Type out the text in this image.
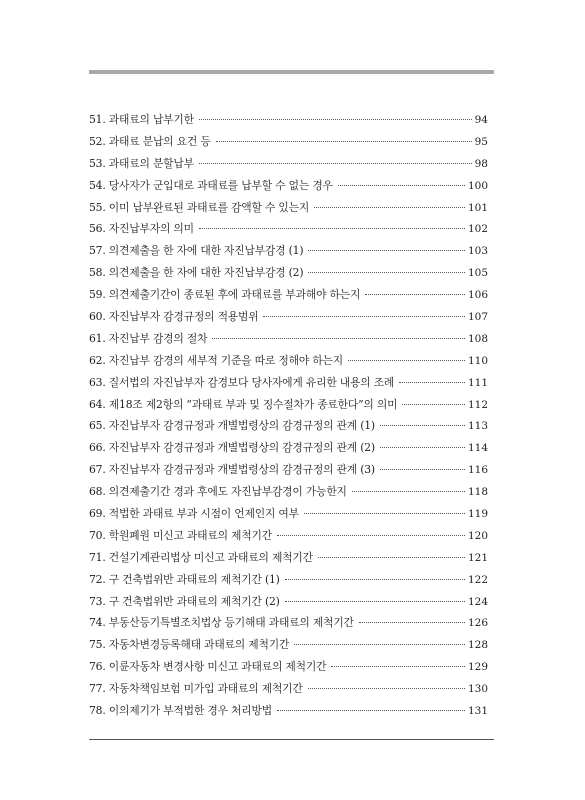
51. 과태료의 납부기한	94
52. 과태료 분납의 요건 등	95
53. 과태료의 분할납부	98
54. 당사자가 군입대로 과태료를 납부할 수 없는 경우	100
55. 이미 납부완료된 과태료를 감액할 수 있는지	101
56. 자진납부자의 의미	102
57. 의견제출을 한 자에 대한 자진납부감경 (1)	103
58. 의견제출을 한 자에 대한 자진납부감경 (2)	105
59. 의견제출기간이 종료된 후에 과태료를 부과해야 하는지	106
60. 자진납부자 감경규정의 적용범위	107
61. 자진납부 감경의 절차	108
62. 자진납부 감경의 세부적 기준을 따로 정해야 하는지	110
63. 질서법의 자진납부자 감경보다 당사자에게 유리한 내용의 조례	111
64. 제18조 제2항의 “과태료 부과 및 징수절차가 종료한다”의 의미	112
65. 자진납부자 감경규정과 개별법령상의 감경규정의 관계 (1)	113
66. 자진납부자 감경규정과 개별법령상의 감경규정의 관계 (2)	114
67. 자진납부자 감경규정과 개별법령상의 감경규정의 관계 (3)	116
68. 의견제출기간 경과 후에도 자진납부감경이 가능한지	118
69. 적법한 과태료 부과 시점이 언제인지 여부	119
70. 학원폐원 미신고 과태료의 제척기간	120
71. 건설기계관리법상 미신고 과태료의 제척기간	121
72. 구 건축법위반 과태료의 제척기간 (1)	122
73. 구 건축법위반 과태료의 제척기간 (2)	124
74. 부동산등기특별조치법상 등기해태 과태료의 제척기간	126
75. 자동차변경등록해태 과태료의 제척기간	128
76. 이륜자동차 변경사항 미신고 과태료의 제척기간	129
77. 자동차책임보험 미가입 과태료의 제척기간	130
78. 이의제기가 부적법한 경우 처리방법	131
